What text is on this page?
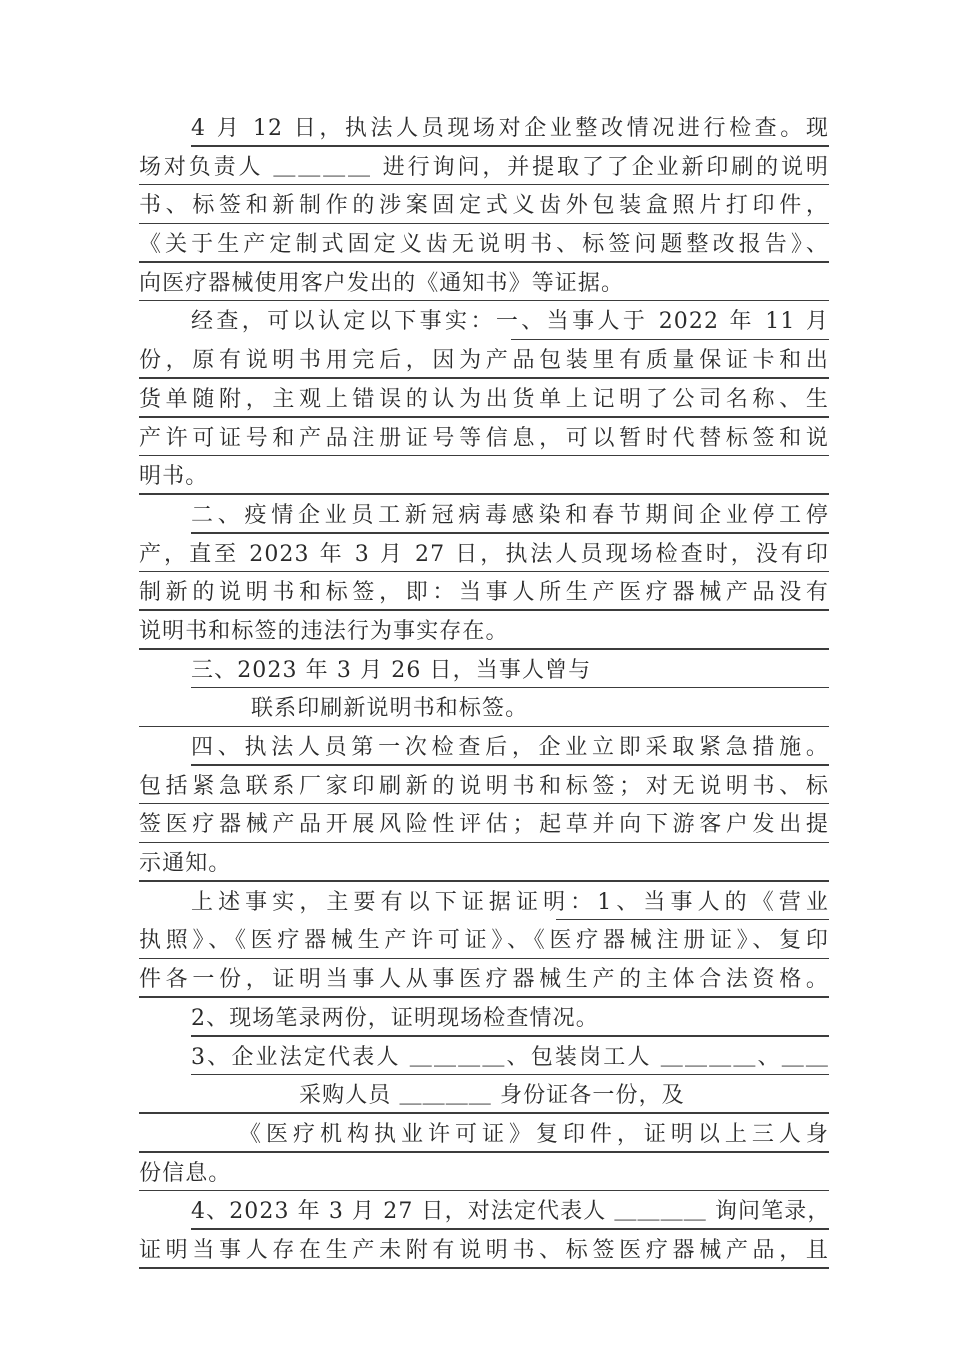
4 月 12 日，执法人员现场对企业整改情况进行检查。现
场对负责人 ＿＿＿＿ 进行询问，并提取了了企业新印刷的说明
书、标签和新制作的涉案固定式义齿外包装盒照片打印件，
《关于生产定制式固定义齿无说明书、标签问题整改报告》、
向医疗器械使用客户发出的《通知书》等证据。
经查，可以认定以下事实：一、当事人于 2022 年 11 月
份，原有说明书用完后，因为产品包装里有质量保证卡和出
货单随附，主观上错误的认为出货单上记明了公司名称、生
产许可证号和产品注册证号等信息，可以暂时代替标签和说
明书。
二、疫情企业员工新冠病毒感染和春节期间企业停工停
产，直至 2023 年 3 月 27 日，执法人员现场检查时，没有印
制新的说明书和标签，即：当事人所生产医疗器械产品没有
说明书和标签的违法行为事实存在。
三、2023 年 3 月 26 日，当事人曾与
联系印刷新说明书和标签。
四、执法人员第一次检查后，企业立即采取紧急措施。
包括紧急联系厂家印刷新的说明书和标签；对无说明书、标
签医疗器械产品开展风险性评估；起草并向下游客户发出提
示通知。
上述事实，主要有以下证据证明：1、当事人的《营业
执照》、《医疗器械生产许可证》、《医疗器械注册证》、复印
件各一份，证明当事人从事医疗器械生产的主体合法资格。
2、现场笔录两份，证明现场检查情况。
3、企业法定代表人 ＿＿＿＿、包装岗工人 ＿＿＿＿、＿＿
采购人员 ＿＿＿＿ 身份证各一份，及
《医疗机构执业许可证》复印件，证明以上三人身
份信息。
4、2023 年 3 月 27 日，对法定代表人 ＿＿＿＿ 询问笔录，
证明当事人存在生产未附有说明书、标签医疗器械产品，且
